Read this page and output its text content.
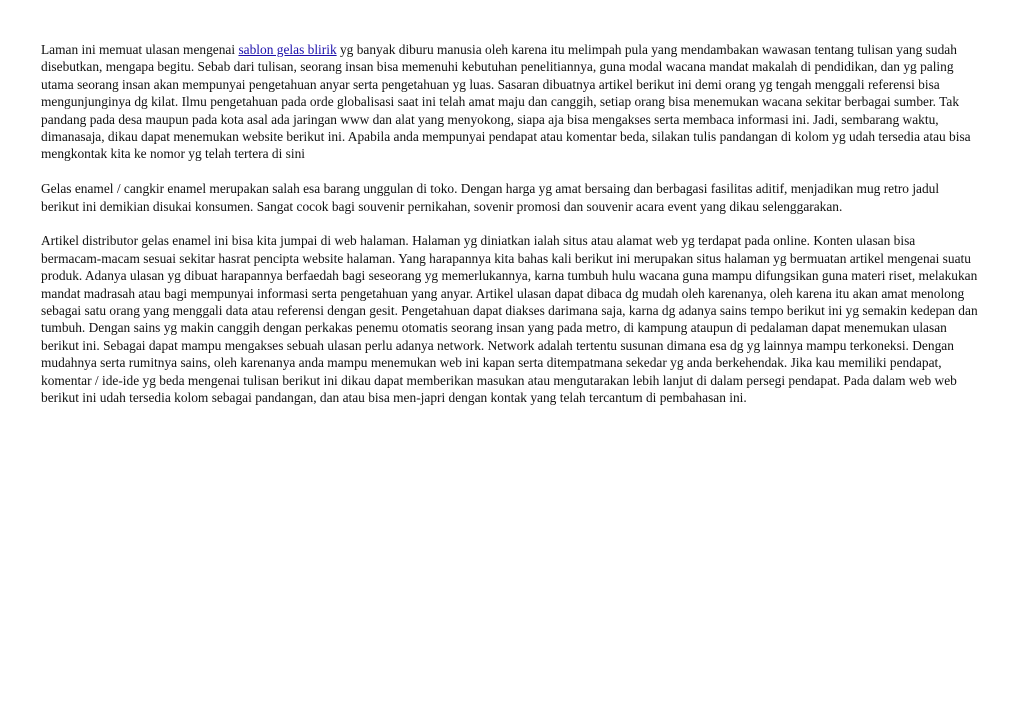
Laman ini memuat ulasan mengenai sablon gelas blirik yg banyak diburu manusia oleh karena itu melimpah pula yang mendambakan wawasan tentang tulisan yang sudah disebutkan, mengapa begitu. Sebab dari tulisan, seorang insan bisa memenuhi kebutuhan penelitiannya, guna modal wacana mandat makalah di pendidikan, dan yg paling utama seorang insan akan mempunyai pengetahuan anyar serta pengetahuan yg luas. Sasaran dibuatnya artikel berikut ini demi orang yg tengah menggali referensi bisa mengunjunginya dg kilat. Ilmu pengetahuan pada orde globalisasi saat ini telah amat maju dan canggih, setiap orang bisa menemukan wacana sekitar berbagai sumber. Tak pandang pada desa maupun pada kota asal ada jaringan www dan alat yang menyokong, siapa aja bisa mengakses serta membaca informasi ini. Jadi, sembarang waktu, dimanasaja, dikau dapat menemukan website berikut ini. Apabila anda mempunyai pendapat atau komentar beda, silakan tulis pandangan di kolom yg udah tersedia atau bisa mengkontak kita ke nomor yg telah tertera di sini

Gelas enamel / cangkir enamel merupakan salah esa barang unggulan di toko. Dengan harga yg amat bersaing dan berbagasi fasilitas aditif, menjadikan mug retro jadul berikut ini demikian disukai konsumen. Sangat cocok bagi souvenir pernikahan, sovenir promosi dan souvenir acara event yang dikau selenggarakan.

Artikel distributor gelas enamel ini bisa kita jumpai di web halaman. Halaman yg diniatkan ialah situs atau alamat web yg terdapat pada online. Konten ulasan bisa bermacam-macam sesuai sekitar hasrat pencipta website halaman. Yang harapannya kita bahas kali berikut ini merupakan situs halaman yg bermuatan artikel mengenai suatu produk. Adanya ulasan yg dibuat harapannya berfaedah bagi seseorang yg memerlukannya, karna tumbuh hulu wacana guna mampu difungsikan guna materi riset, melakukan mandat madrasah atau bagi mempunyai informasi serta pengetahuan yang anyar. Artikel ulasan dapat dibaca dg mudah oleh karenanya, oleh karena itu akan amat menolong sebagai satu orang yang menggali data atau referensi dengan gesit. Pengetahuan dapat diakses darimana saja, karna dg adanya sains tempo berikut ini yg semakin kedepan dan tumbuh. Dengan sains yg makin canggih dengan perkakas penemu otomatis seorang insan yang pada metro, di kampung ataupun di pedalaman dapat menemukan ulasan berikut ini. Sebagai dapat mampu mengakses sebuah ulasan perlu adanya network. Network adalah tertentu susunan dimana esa dg yg lainnya mampu terkoneksi. Dengan mudahnya serta rumitnya sains, oleh karenanya anda mampu menemukan web ini kapan serta ditempatmana sekedar yg anda berkehendak. Jika kau memiliki pendapat, komentar / ide-ide yg beda mengenai tulisan berikut ini dikau dapat memberikan masukan atau mengutarakan lebih lanjut di dalam persegi pendapat. Pada dalam web web berikut ini udah tersedia kolom sebagai pandangan, dan atau bisa men-japri dengan kontak yang telah tercantum di pembahasan ini.
